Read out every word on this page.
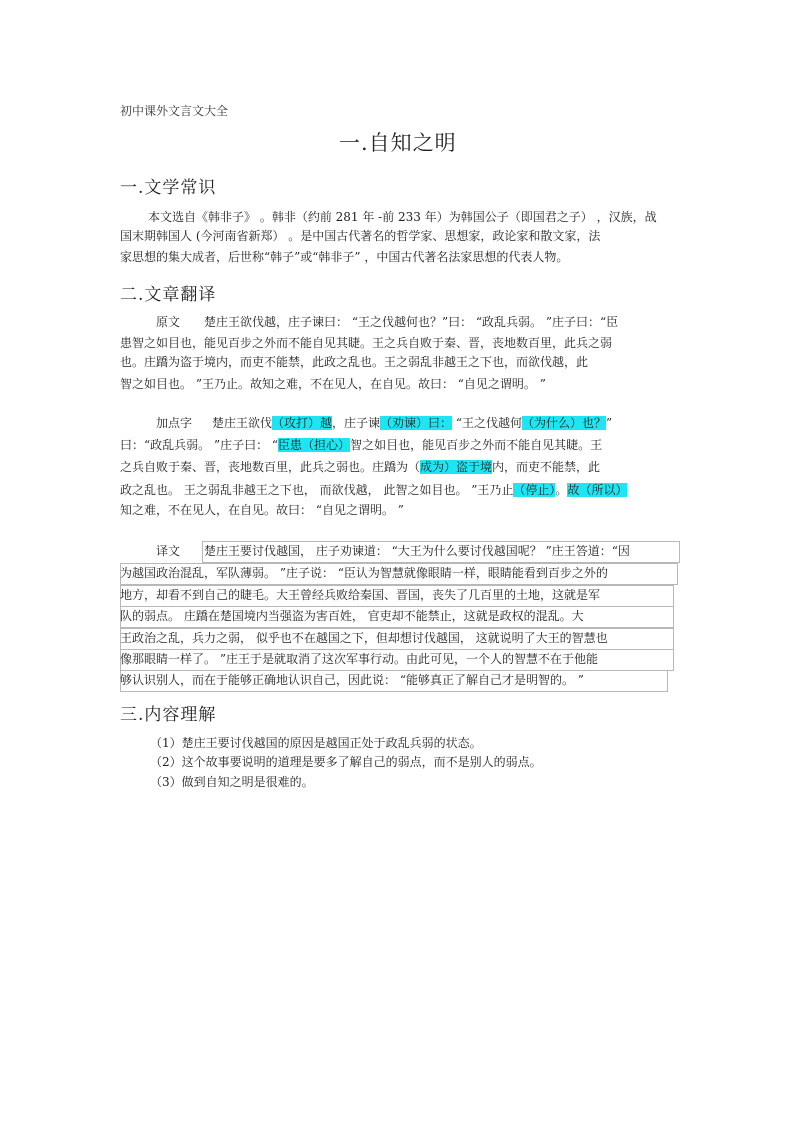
初中课外文言文大全
一.自知之明
一.文学常识
本文选自《韩非子》 。韩非（约前 281 年 -前 233 年）为韩国公子（即国君之子） ，汉族，战
国末期韩国人 (今河南省新郑） 。是中国古代著名的哲学家、思想家，政论家和散文家，法
家思想的集大成者，后世称“韩子”或“韩非子” ，中国古代著名法家思想的代表人物。
二.文章翻译
原文 楚庄王欲伐越，庄子谏曰： “王之伐越何也？”曰： “政乱兵弱。 ”庄子曰：“臣
患智之如目也，能见百步之外而不能自见其睫。王之兵自败于秦、晋，丧地数百里，此兵之弱
也。庄蹻为盗于境内，而吏不能禁，此政之乱也。王之弱乱非越王之下也，而欲伐越，此
智之如目也。 ”王乃止。故知之难，不在见人，在自见。故曰： “自见之谓明。 ”
加点字 楚庄王欲伐（攻打）越，庄子谏（劝谏）曰： “王之伐越何（为什么）也？”
曰：“政乱兵弱。 ”庄子曰： “臣患（担心）智之如目也，能见百步之外而不能自见其睫。王
之兵自败于秦、晋，丧地数百里，此兵之弱也。庄蹻为（成为）盗于境内，而吏不能禁，此
政之乱也。 王之弱乱非越王之下也， 而欲伐越， 此智之如目也。 ”王乃止（停止）。故（所以）
知之难，不在见人，在自见。故曰： “自见之谓明。 ”
译文 楚庄王要讨伐越国， 庄子劝谏道： “大王为什么要讨伐越国呢？ ”庄王答道：“因
为越国政治混乱，军队薄弱。 ”庄子说： “臣认为智慧就像眼睛一样，眼睛能看到百步之外的
地方，却看不到自己的睫毛。大王曾经兵败给秦国、晋国，丧失了几百里的土地，这就是军
队的弱点。 庄蹻在楚国境内当强盗为害百姓， 官吏却不能禁止，这就是政权的混乱。大
王政治之乱，兵力之弱， 似乎也不在越国之下，但却想讨伐越国， 这就说明了大王的智慧也
像那眼睛一样了。 ”庄王于是就取消了这次军事行动。由此可见，一个人的智慧不在于他能
够认识别人，而在于能够正确地认识自己，因此说： “能够真正了解自己才是明智的。 ”
三.内容理解
（1）楚庄王要讨伐越国的原因是越国正处于政乱兵弱的状态。
（2）这个故事要说明的道理是要多了解自己的弱点，而不是别人的弱点。
（3）做到自知之明是很难的。
